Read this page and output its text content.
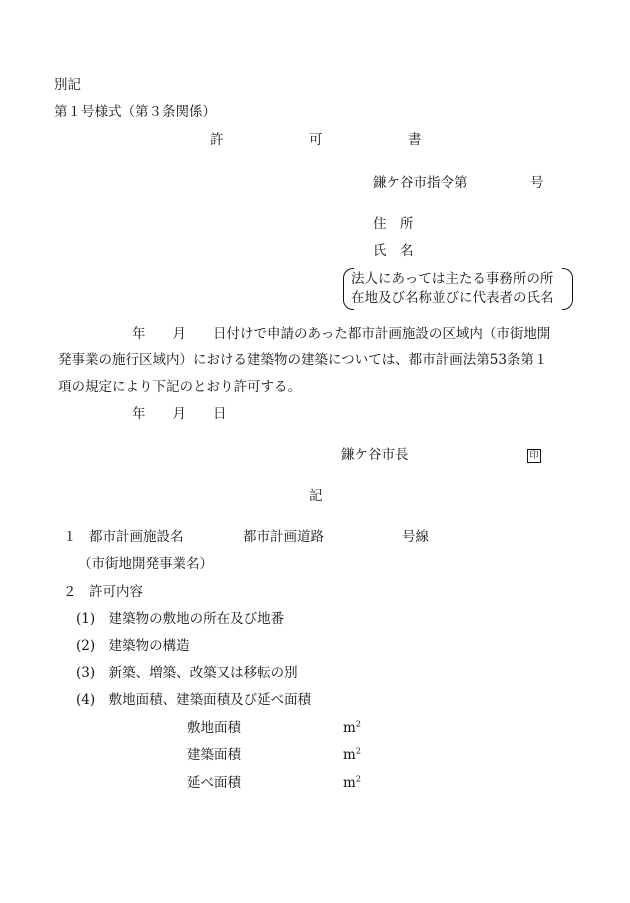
別記
第１号様式（第３条関係）
許	可	書
鎌ケ谷市指令第	号
住　所
氏　名
法人にあっては主たる事務所の所
在地及び名称並びに代表者の氏名
年　　月　　日付けで申請のあった都市計画施設の区域内（市街地開
発事業の施行区域内）における建築物の建築については、都市計画法第53条第１
項の規定により下記のとおり許可する。
年　　月　　日
鎌ケ谷市長	印
記
１ 都市計画施設名	都市計画道路	号線
（市街地開発事業名）
２ 許可内容
(1)　建築物の敷地の所在及び地番
(2)　建築物の構造
(3)　新築、増築、改築又は移転の別
(4)　敷地面積、建築面積及び延べ面積
敷地面積	$m^2$
建築面積	$m^2$
延べ面積	$m^2$
